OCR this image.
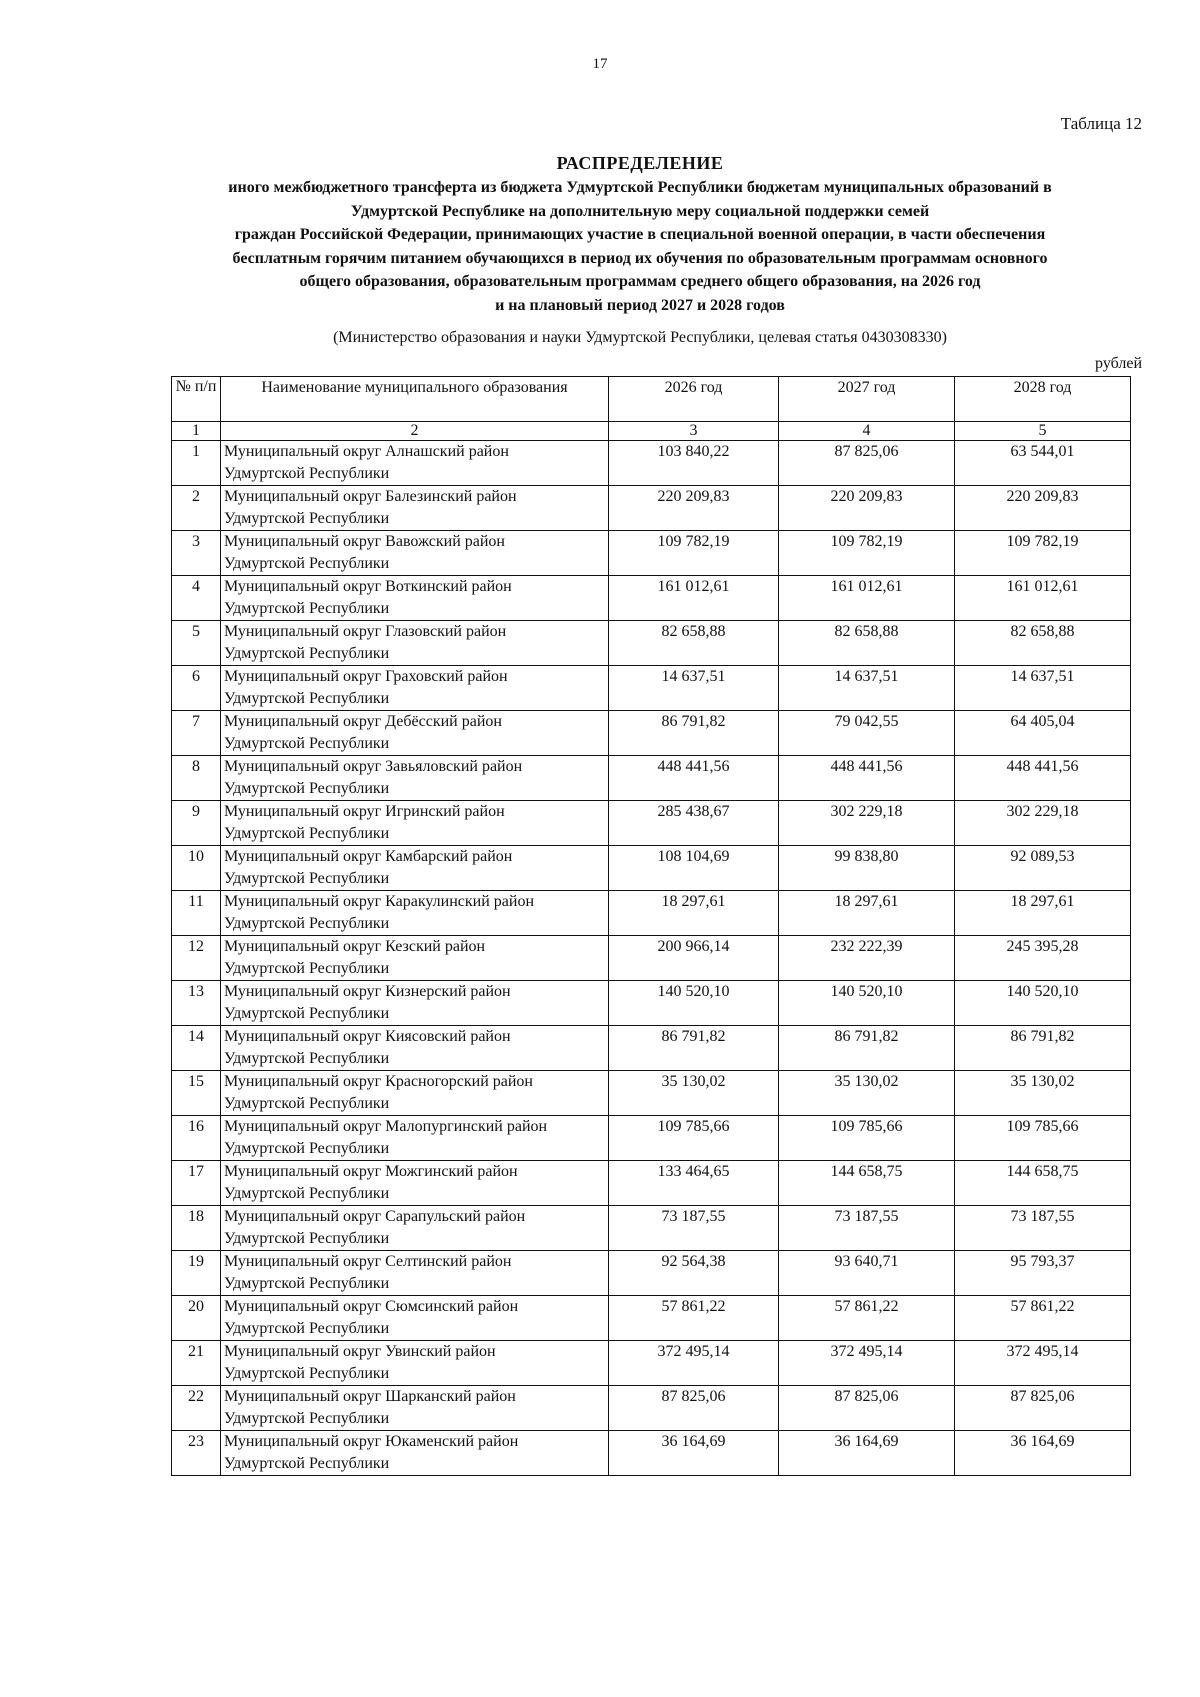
17
Таблица 12
РАСПРЕДЕЛЕНИЕ
иного межбюджетного трансферта из бюджета Удмуртской Республики бюджетам муниципальных образований в
Удмуртской Республике на дополнительную меру социальной поддержки семей
граждан Российской Федерации, принимающих участие в специальной военной операции, в части обеспечения
бесплатным горячим питанием обучающихся в период их обучения по образовательным программам основного
общего образования, образовательным программам среднего общего образования, на 2026 год
и на плановый период 2027 и 2028 годов
(Министерство образования и науки Удмуртской Республики, целевая статья 0430308330)
рублей
№ п/п	Наименование муниципального образования	2026 год	2027 год	2028 год
1	2	3	4	5
1	Муниципальный округ Алнашский район
Удмуртской Республики	103 840,22	87 825,06	63 544,01
2	Муниципальный округ Балезинский район
Удмуртской Республики	220 209,83	220 209,83	220 209,83
3	Муниципальный округ Вавожский район
Удмуртской Республики	109 782,19	109 782,19	109 782,19
4	Муниципальный округ Воткинский район
Удмуртской Республики	161 012,61	161 012,61	161 012,61
5	Муниципальный округ Глазовский район
Удмуртской Республики	82 658,88	82 658,88	82 658,88
6	Муниципальный округ Граховский район
Удмуртской Республики	14 637,51	14 637,51	14 637,51
7	Муниципальный округ Дебёсский район
Удмуртской Республики	86 791,82	79 042,55	64 405,04
8	Муниципальный округ Завьяловский район
Удмуртской Республики	448 441,56	448 441,56	448 441,56
9	Муниципальный округ Игринский район
Удмуртской Республики	285 438,67	302 229,18	302 229,18
10	Муниципальный округ Камбарский район
Удмуртской Республики	108 104,69	99 838,80	92 089,53
11	Муниципальный округ Каракулинский район
Удмуртской Республики	18 297,61	18 297,61	18 297,61
12	Муниципальный округ Кезский район
Удмуртской Республики	200 966,14	232 222,39	245 395,28
13	Муниципальный округ Кизнерский район
Удмуртской Республики	140 520,10	140 520,10	140 520,10
14	Муниципальный округ Киясовский район
Удмуртской Республики	86 791,82	86 791,82	86 791,82
15	Муниципальный округ Красногорский район
Удмуртской Республики	35 130,02	35 130,02	35 130,02
16	Муниципальный округ Малопургинский район
Удмуртской Республики	109 785,66	109 785,66	109 785,66
17	Муниципальный округ Можгинский район
Удмуртской Республики	133 464,65	144 658,75	144 658,75
18	Муниципальный округ Сарапульский район
Удмуртской Республики	73 187,55	73 187,55	73 187,55
19	Муниципальный округ Селтинский район
Удмуртской Республики	92 564,38	93 640,71	95 793,37
20	Муниципальный округ Сюмсинский район
Удмуртской Республики	57 861,22	57 861,22	57 861,22
21	Муниципальный округ Увинский район
Удмуртской Республики	372 495,14	372 495,14	372 495,14
22	Муниципальный округ Шарканский район
Удмуртской Республики	87 825,06	87 825,06	87 825,06
23	Муниципальный округ Юкаменский район
Удмуртской Республики	36 164,69	36 164,69	36 164,69
